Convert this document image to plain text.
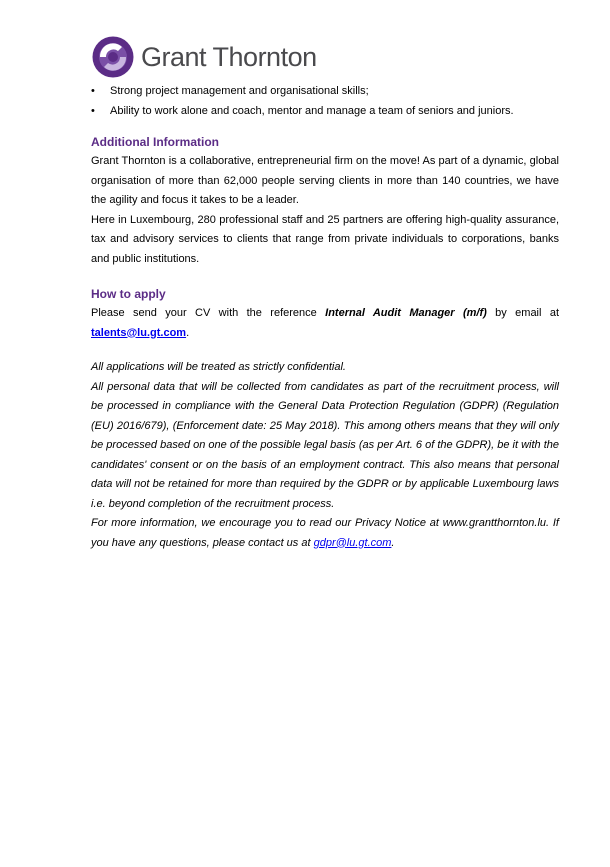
Grant Thornton
• Strong project management and organisational skills;
• Ability to work alone and coach, mentor and manage a team of seniors and juniors.
Additional Information

Grant Thornton is a collaborative, entrepreneurial firm on the move! As part of a dynamic, global organisation of more than 62,000 people serving clients in more than 140 countries, we have the agility and focus it takes to be a leader.

Here in Luxembourg, 280 professional staff and 25 partners are offering high-quality assurance, tax and advisory services to clients that range from private individuals to corporations, banks and public institutions.

How to apply

Please send your CV with the reference Internal Audit Manager (m/f) by email at talents@lu.gt.com.

All applications will be treated as strictly confidential.

All personal data that will be collected from candidates as part of the recruitment process, will be processed in compliance with the General Data Protection Regulation (GDPR) (Regulation (EU) 2016/679), (Enforcement date: 25 May 2018). This among others means that they will only be processed based on one of the possible legal basis (as per Art. 6 of the GDPR), be it with the candidates' consent or on the basis of an employment contract. This also means that personal data will not be retained for more than required by the GDPR or by applicable Luxembourg laws i.e. beyond completion of the recruitment process.

For more information, we encourage you to read our Privacy Notice at www.grantthornton.lu. If you have any questions, please contact us at gdpr@lu.gt.com.
